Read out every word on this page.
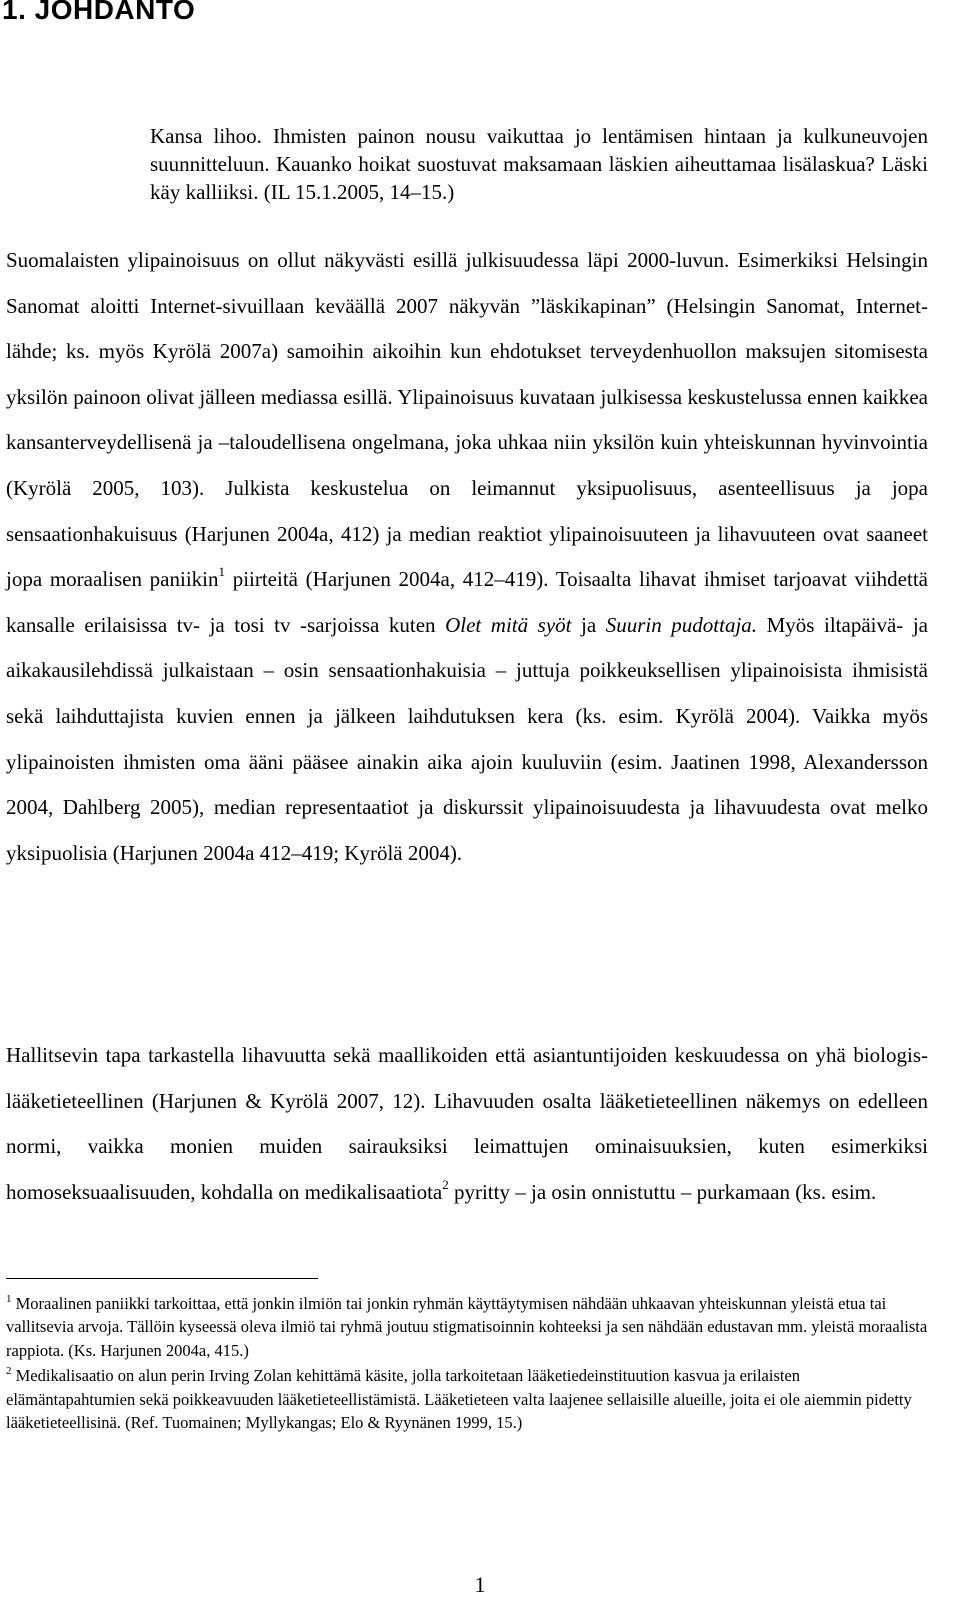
1. JOHDANTO

Kansa lihoo. Ihmisten painon nousu vaikuttaa jo lentämisen hintaan ja kulkuneuvojen suunnitteluun. Kauanko hoikat suostuvat maksamaan läskien aiheuttamaa lisälaskua? Läski käy kalliiksi. (IL 15.1.2005, 14–15.)

Suomalaisten ylipainoisuus on ollut näkyvästi esillä julkisuudessa läpi 2000-luvun. Esimerkiksi Helsingin Sanomat aloitti Internet-sivuillaan keväällä 2007 näkyvän ”läskikapinan” (Helsingin Sanomat, Internet-lähde; ks. myös Kyrölä 2007a) samoihin aikoihin kun ehdotukset terveydenhuollon maksujen sitomisesta yksilön painoon olivat jälleen mediassa esillä. Ylipainoisuus kuvataan julkisessa keskustelussa ennen kaikkea kansanterveydellisenä ja –taloudellisena ongelmana, joka uhkaa niin yksilön kuin yhteiskunnan hyvinvointia (Kyrölä 2005, 103). Julkista keskustelua on leimannut yksipuolisuus, asenteellisuus ja jopa sensaationhakuisuus (Harjunen 2004a, 412) ja median reaktiot ylipainoisuuteen ja lihavuuteen ovat saaneet jopa moraalisen paniikin$^1$ piirteitä (Harjunen 2004a, 412–419). Toisaalta lihavat ihmiset tarjoavat viihdettä kansalle erilaisissa tv- ja tosi tv -sarjoissa kuten Olet mitä syöt ja Suurin pudottaja. Myös iltapäivä- ja aikakausilehdissä julkaistaan – osin sensaationhakuisia – juttuja poikkeuksellisen ylipainoisista ihmisistä sekä laihduttajista kuvien ennen ja jälkeen laihdutuksen kera (ks. esim. Kyrölä 2004). Vaikka myös ylipainoisten ihmisten oma ääni pääsee ainakin aika ajoin kuuluviin (esim. Jaatinen 1998, Alexandersson 2004, Dahlberg 2005), median representaatiot ja diskurssit ylipainoisuudesta ja lihavuudesta ovat melko yksipuolisia (Harjunen 2004a 412–419; Kyrölä 2004).

Hallitsevin tapa tarkastella lihavuutta sekä maallikoiden että asiantuntijoiden keskuudessa on yhä biologis-lääketieteellinen (Harjunen & Kyrölä 2007, 12). Lihavuuden osalta lääketieteellinen näkemys on edelleen normi, vaikka monien muiden sairauksiksi leimattujen ominaisuuksien, kuten esimerkiksi homoseksuaalisuuden, kohdalla on medikalisaatiota$^2$ pyritty – ja osin onnistuttu – purkamaan (ks. esim.

$^1$ Moraalinen paniikki tarkoittaa, että jonkin ilmiön tai jonkin ryhmän käyttäytymisen nähdään uhkaavan yhteiskunnan yleistä etua tai vallitsevia arvoja. Tällöin kyseessä oleva ilmiö tai ryhmä joutuu stigmatisoinnin kohteeksi ja sen nähdään edustavan mm. yleistä moraalista rappiota. (Ks. Harjunen 2004a, 415.)

$^2$ Medikalisaatio on alun perin Irving Zolan kehittämä käsite, jolla tarkoitetaan lääketiedeinstituution kasvua ja erilaisten elämäntapahtumien sekä poikkeavuuden lääketieteellistämistä. Lääketieteen valta laajenee sellaisille alueille, joita ei ole aiemmin pidetty lääketieteellisinä. (Ref. Tuomainen; Myllykangas; Elo & Ryynänen 1999, 15.)

1
